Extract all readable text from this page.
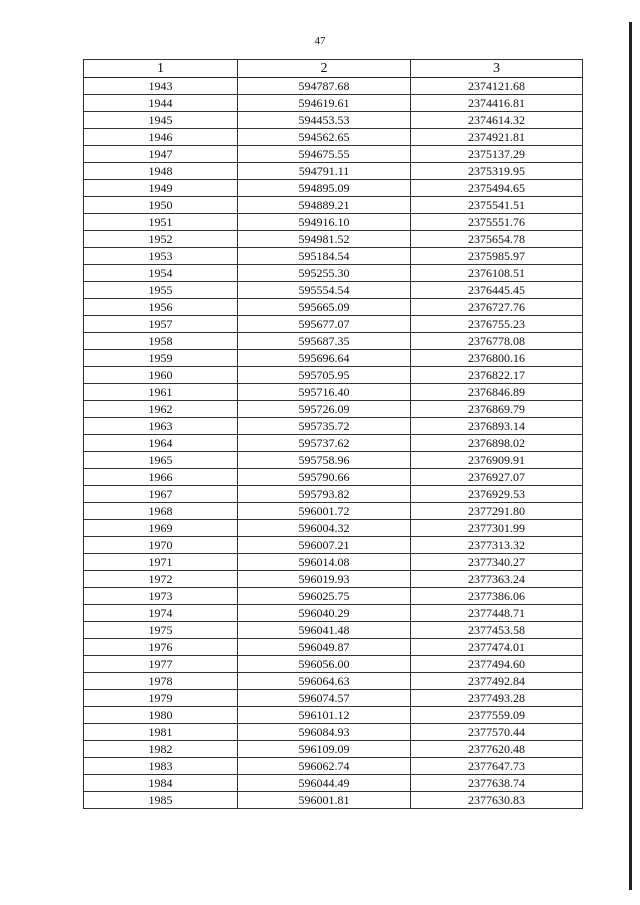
47
1	2	3
1943	594787.68	2374121.68
1944	594619.61	2374416.81
1945	594453.53	2374614.32
1946	594562.65	2374921.81
1947	594675.55	2375137.29
1948	594791.11	2375319.95
1949	594895.09	2375494.65
1950	594889.21	2375541.51
1951	594916.10	2375551.76
1952	594981.52	2375654.78
1953	595184.54	2375985.97
1954	595255.30	2376108.51
1955	595554.54	2376445.45
1956	595665.09	2376727.76
1957	595677.07	2376755.23
1958	595687.35	2376778.08
1959	595696.64	2376800.16
1960	595705.95	2376822.17
1961	595716.40	2376846.89
1962	595726.09	2376869.79
1963	595735.72	2376893.14
1964	595737.62	2376898.02
1965	595758.96	2376909.91
1966	595790.66	2376927.07
1967	595793.82	2376929.53
1968	596001.72	2377291.80
1969	596004.32	2377301.99
1970	596007.21	2377313.32
1971	596014.08	2377340.27
1972	596019.93	2377363.24
1973	596025.75	2377386.06
1974	596040.29	2377448.71
1975	596041.48	2377453.58
1976	596049.87	2377474.01
1977	596056.00	2377494.60
1978	596064.63	2377492.84
1979	596074.57	2377493.28
1980	596101.12	2377559.09
1981	596084.93	2377570.44
1982	596109.09	2377620.48
1983	596062.74	2377647.73
1984	596044.49	2377638.74
1985	596001.81	2377630.83
